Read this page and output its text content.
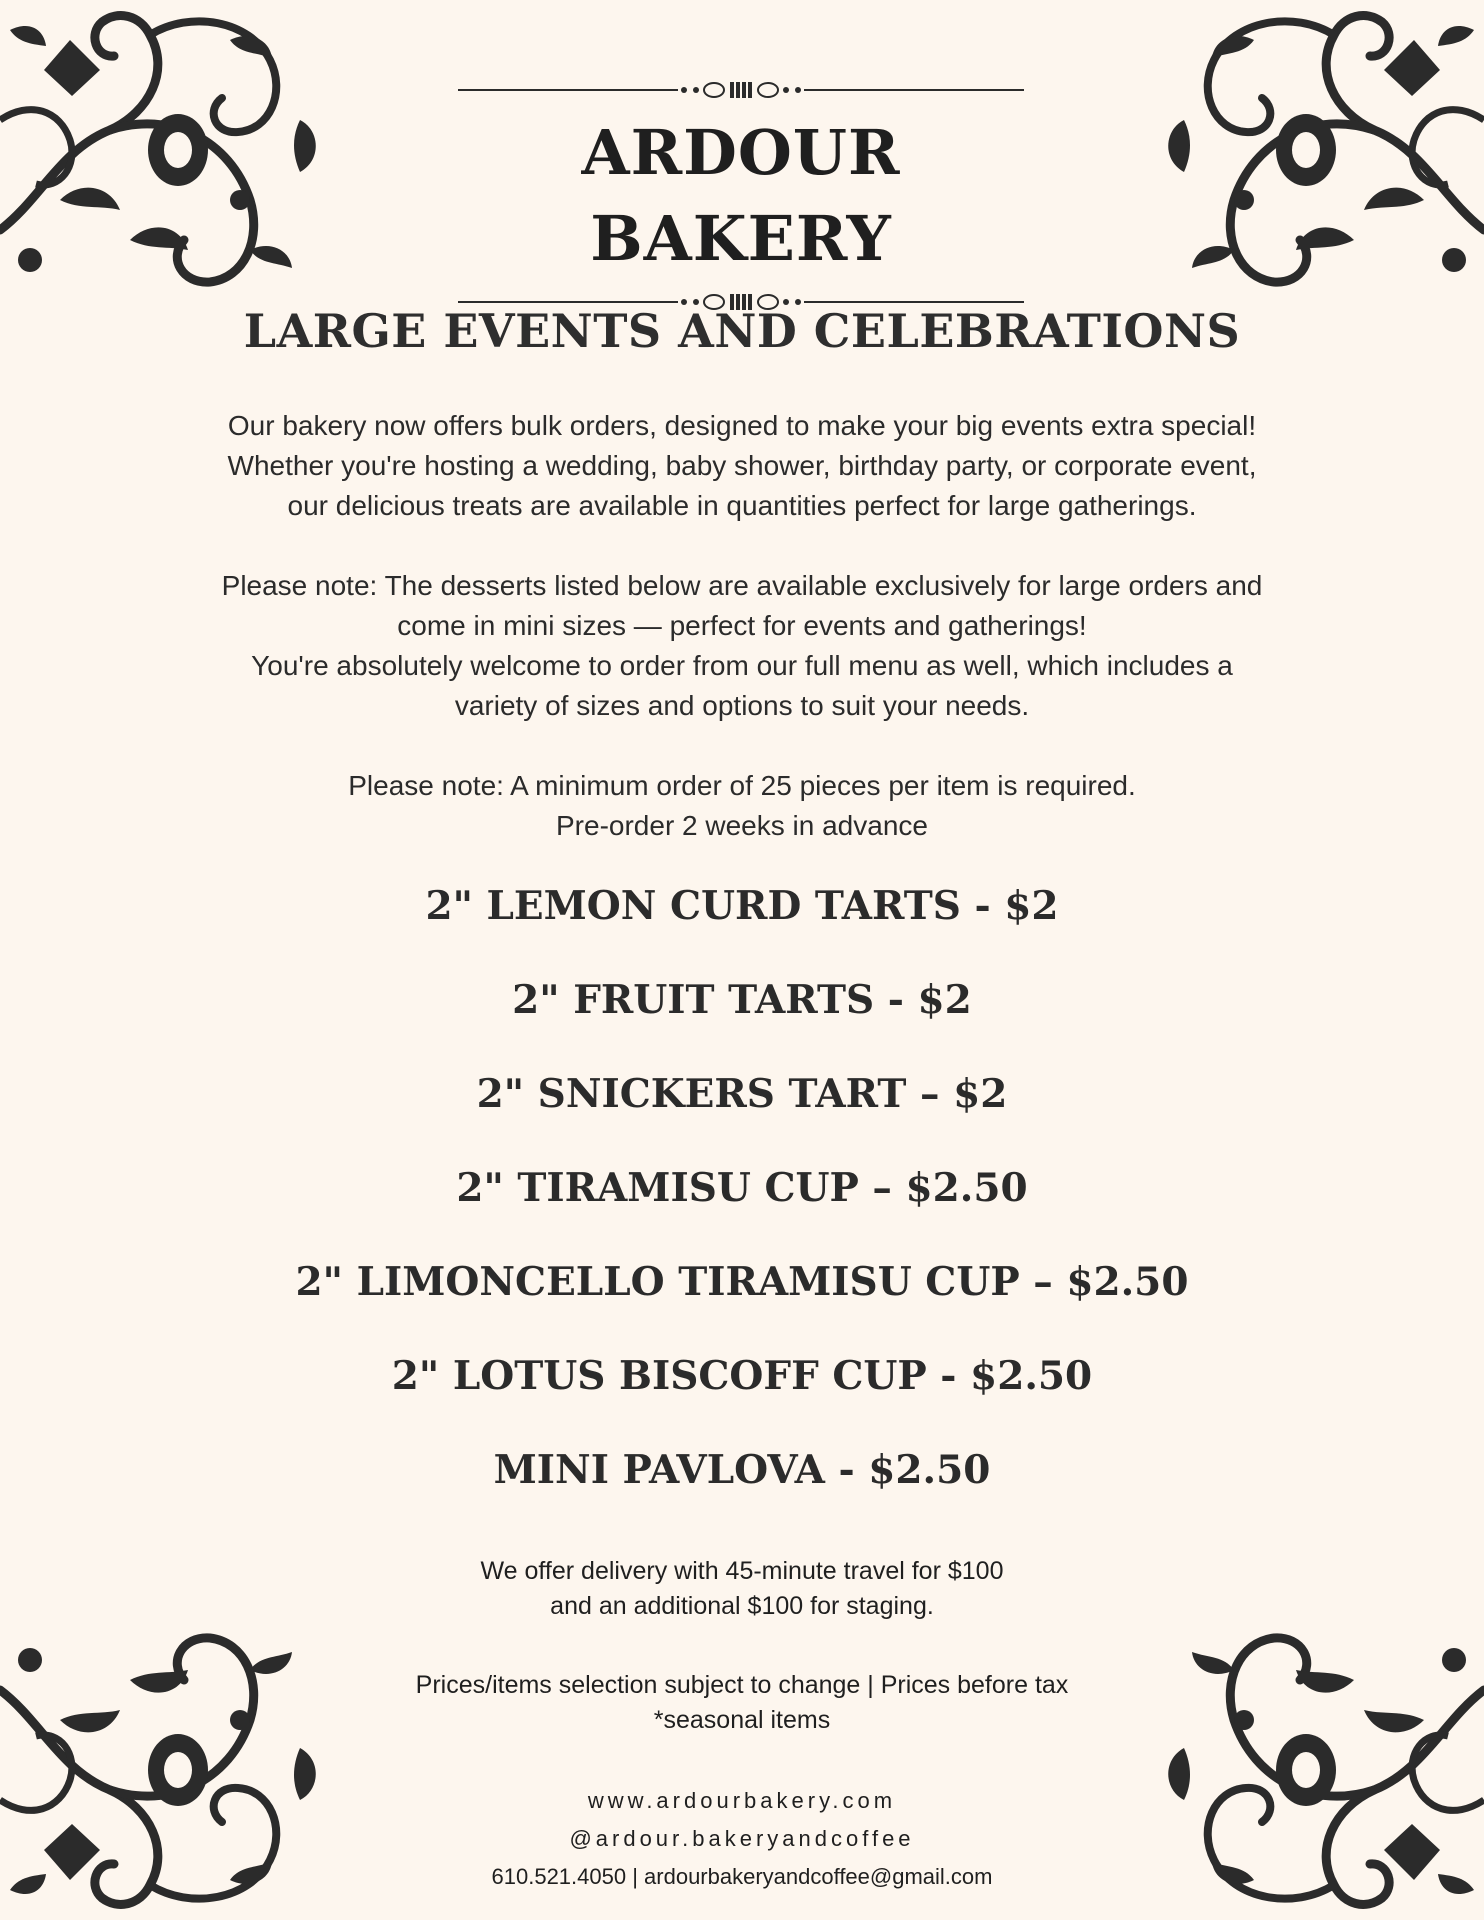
ARDOUR BAKERY
LARGE EVENTS AND CELEBRATIONS

Our bakery now offers bulk orders, designed to make your big events extra special!
Whether you're hosting a wedding, baby shower, birthday party, or corporate event,
our delicious treats are available in quantities perfect for large gatherings.

Please note: The desserts listed below are available exclusively for large orders and
come in mini sizes — perfect for events and gatherings!
You're absolutely welcome to order from our full menu as well, which includes a
variety of sizes and options to suit your needs.

Please note: A minimum order of 25 pieces per item is required.
Pre-order 2 weeks in advance

2" LEMON CURD TARTS - $2
2" FRUIT TARTS - $2
2" SNICKERS TART – $2
2" TIRAMISU CUP – $2.50
2" LIMONCELLO TIRAMISU CUP – $2.50
2" LOTUS BISCOFF CUP - $2.50
MINI PAVLOVA - $2.50
We offer delivery with 45-minute travel for $100
and an additional $100 for staging.
Prices/items selection subject to change | Prices before tax
*seasonal items
www.ardourbakery.com
@ardour.bakeryandcoffee
610.521.4050 | ardourbakeryandcoffee@gmail.com
